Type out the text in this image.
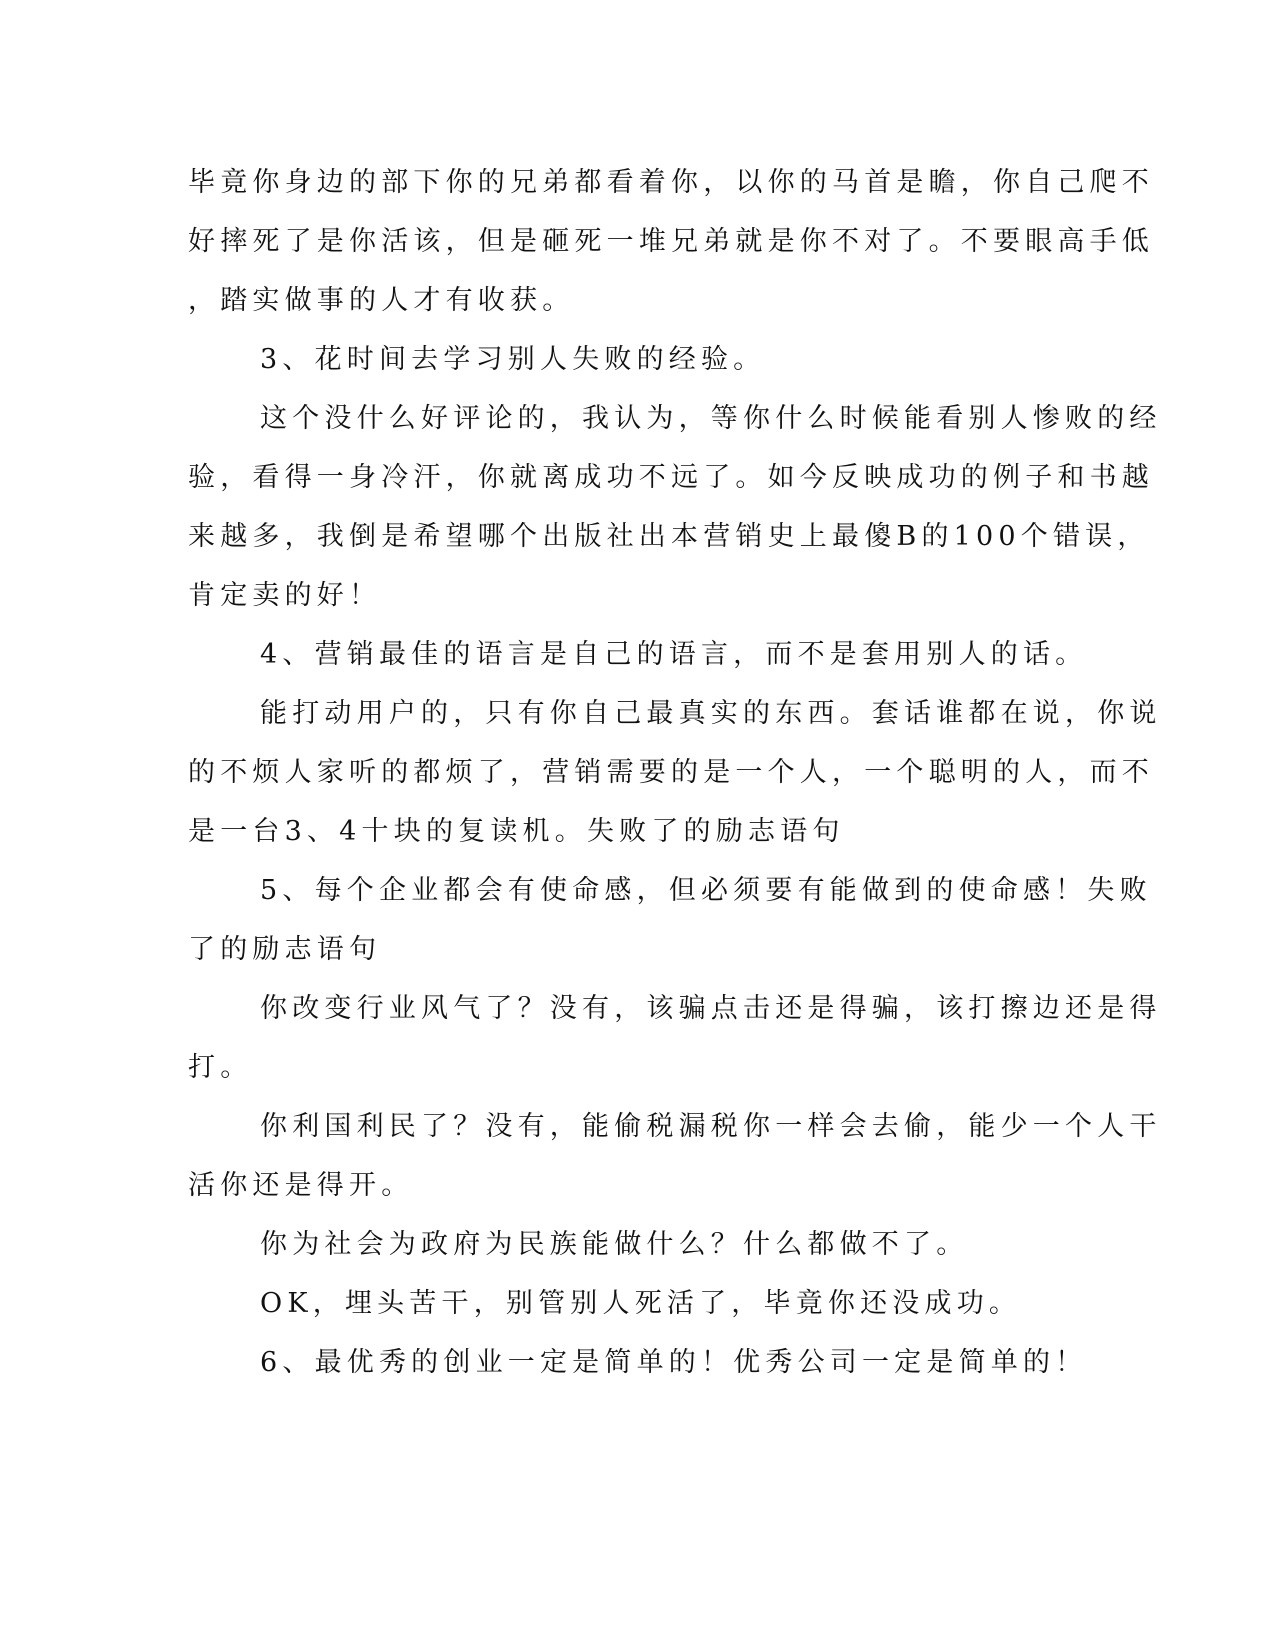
毕竟你身边的部下你的兄弟都看着你，以你的马首是瞻，你自己爬不
好摔死了是你活该，但是砸死一堆兄弟就是你不对了。不要眼高手低
，踏实做事的人才有收获。
3、花时间去学习别人失败的经验。
这个没什么好评论的，我认为，等你什么时候能看别人惨败的经
验，看得一身冷汗，你就离成功不远了。如今反映成功的例子和书越
来越多，我倒是希望哪个出版社出本营销史上最傻B的100个错误，
肯定卖的好！
4、营销最佳的语言是自己的语言，而不是套用别人的话。
能打动用户的，只有你自己最真实的东西。套话谁都在说，你说
的不烦人家听的都烦了，营销需要的是一个人，一个聪明的人，而不
是一台3、4十块的复读机。失败了的励志语句
5、每个企业都会有使命感，但必须要有能做到的使命感！失败
了的励志语句
你改变行业风气了？没有，该骗点击还是得骗，该打擦边还是得
打。
你利国利民了？没有，能偷税漏税你一样会去偷，能少一个人干
活你还是得开。
你为社会为政府为民族能做什么？什么都做不了。
OK，埋头苦干，别管别人死活了，毕竟你还没成功。
6、最优秀的创业一定是简单的！优秀公司一定是简单的！
